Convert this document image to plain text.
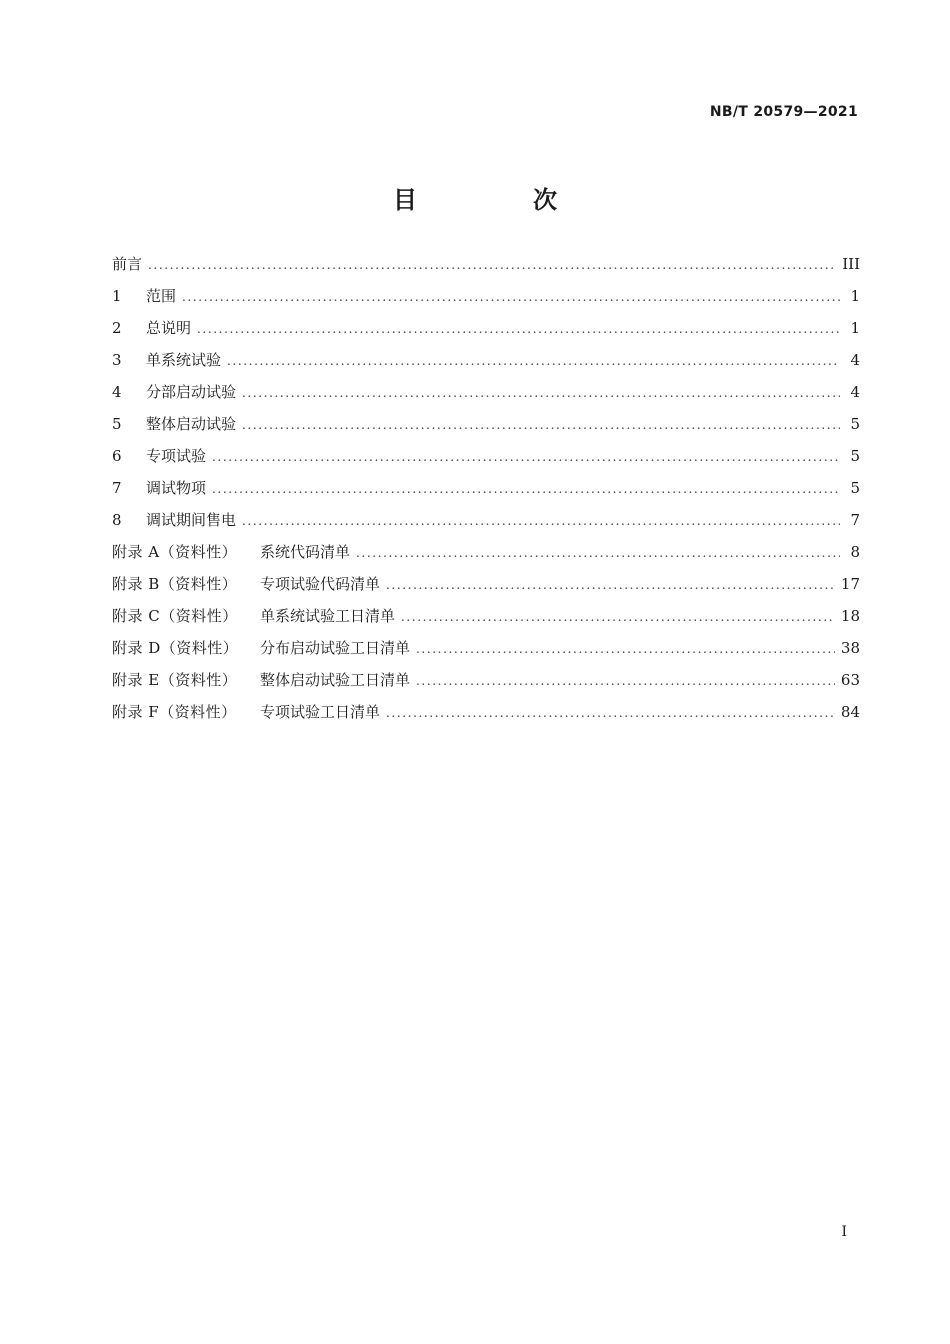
NB/T 20579—2021
目　次
前言 .....	III
1	范围 .....	1
2	总说明 .....	1
3	单系统试验 .....	4
4	分部启动试验 .....	4
5	整体启动试验 .....	5
6	专项试验 .....	5
7	调试物项 .....	5
8	调试期间售电 .....	7
附录 A（资料性）	系统代码清单 .....	8
附录 B（资料性）	专项试验代码清单 .....	17
附录 C（资料性）	单系统试验工日清单 .....	18
附录 D（资料性）	分布启动试验工日清单 .....	38
附录 E（资料性）	整体启动试验工日清单 .....	63
附录 F（资料性）	专项试验工日清单 .....	84
I
